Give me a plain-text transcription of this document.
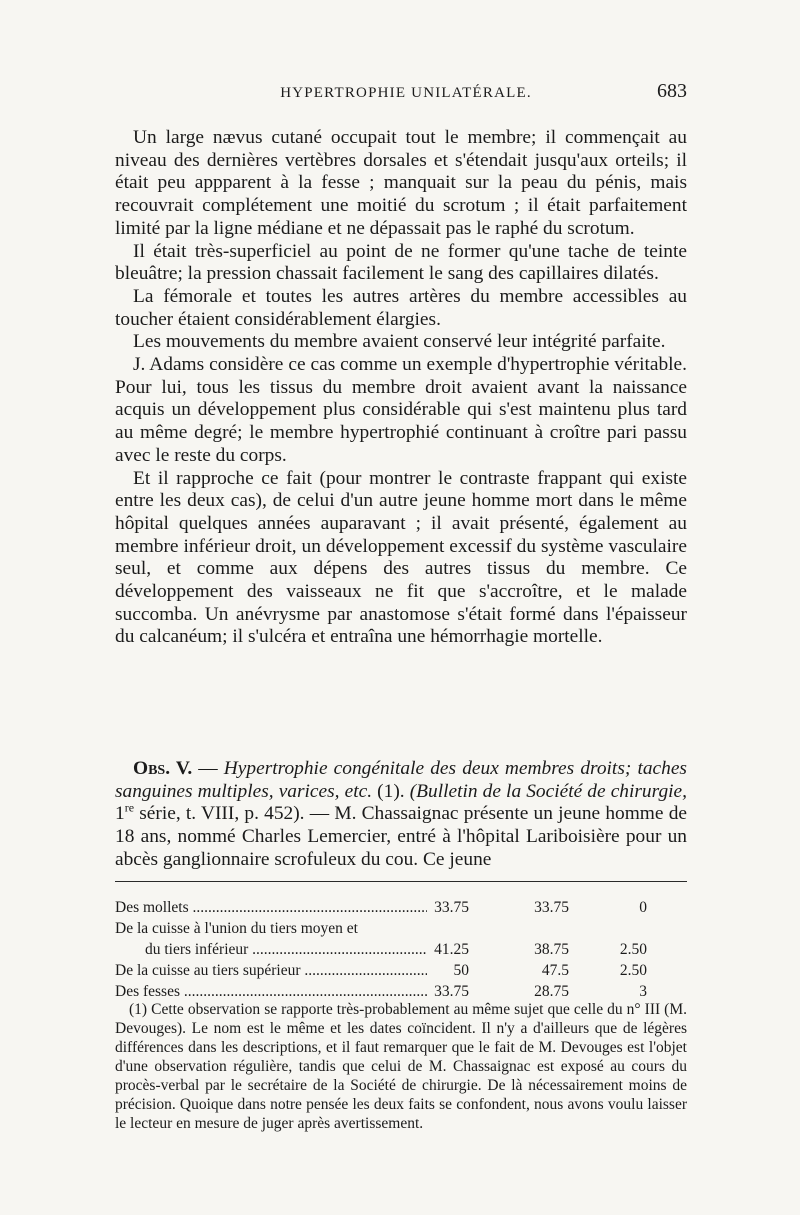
HYPERTROPHIE UNILATÉRALE.	683

Un large nævus cutané occupait tout le membre; il commençait au niveau des dernières vertèbres dorsales et s'étendait jusqu'aux orteils; il était peu appparent à la fesse ; manquait sur la peau du pénis, mais recouvrait complétement une moitié du scrotum ; il était parfaitement limité par la ligne médiane et ne dépassait pas le raphé du scrotum.

Il était très-superficiel au point de ne former qu'une tache de teinte bleuâtre; la pression chassait facilement le sang des capillaires dilatés.

La fémorale et toutes les autres artères du membre accessibles au toucher étaient considérablement élargies.

Les mouvements du membre avaient conservé leur intégrité parfaite.

J. Adams considère ce cas comme un exemple d'hypertrophie véritable. Pour lui, tous les tissus du membre droit avaient avant la naissance acquis un développement plus considérable qui s'est maintenu plus tard au même degré; le membre hypertrophié continuant à croître pari passu avec le reste du corps.

Et il rapproche ce fait (pour montrer le contraste frappant qui existe entre les deux cas), de celui d'un autre jeune homme mort dans le même hôpital quelques années auparavant ; il avait présenté, également au membre inférieur droit, un développement excessif du système vasculaire seul, et comme aux dépens des autres tissus du membre. Ce développement des vaisseaux ne fit que s'accroître, et le malade succomba. Un anévrysme par anastomose s'était formé dans l'épaisseur du calcanéum; il s'ulcéra et entraîna une hémorrhagie mortelle.

Obs. V. — Hypertrophie congénitale des deux membres droits; taches sanguines multiples, varices, etc. (1). (Bulletin de la Société de chirurgie, 1re série, t. VIII, p. 452). — M. Chassaignac présente un jeune homme de 18 ans, nommé Charles Lemercier, entré à l'hôpital Lariboisière pour un abcès ganglionnaire scrofuleux du cou. Ce jeune
Des mollets .....	33.75	33.75	0
De la cuisse à l'union du tiers moyen et
du tiers inférieur .....	41.25	38.75	2.50
De la cuisse au tiers supérieur .....	50	47.5	2.50
Des fesses .....	33.75	28.75	3
(1) Cette observation se rapporte très-probablement au même sujet que celle du n° III (M. Devouges). Le nom est le même et les dates coïncident. Il n'y a d'ailleurs que de légères différences dans les descriptions, et il faut remarquer que le fait de M. Devouges est l'objet d'une observation régulière, tandis que celui de M. Chassaignac est exposé au cours du procès-verbal par le secrétaire de la Société de chirurgie. De là nécessairement moins de précision. Quoique dans notre pensée les deux faits se confondent, nous avons voulu laisser le lecteur en mesure de juger après avertissement.
